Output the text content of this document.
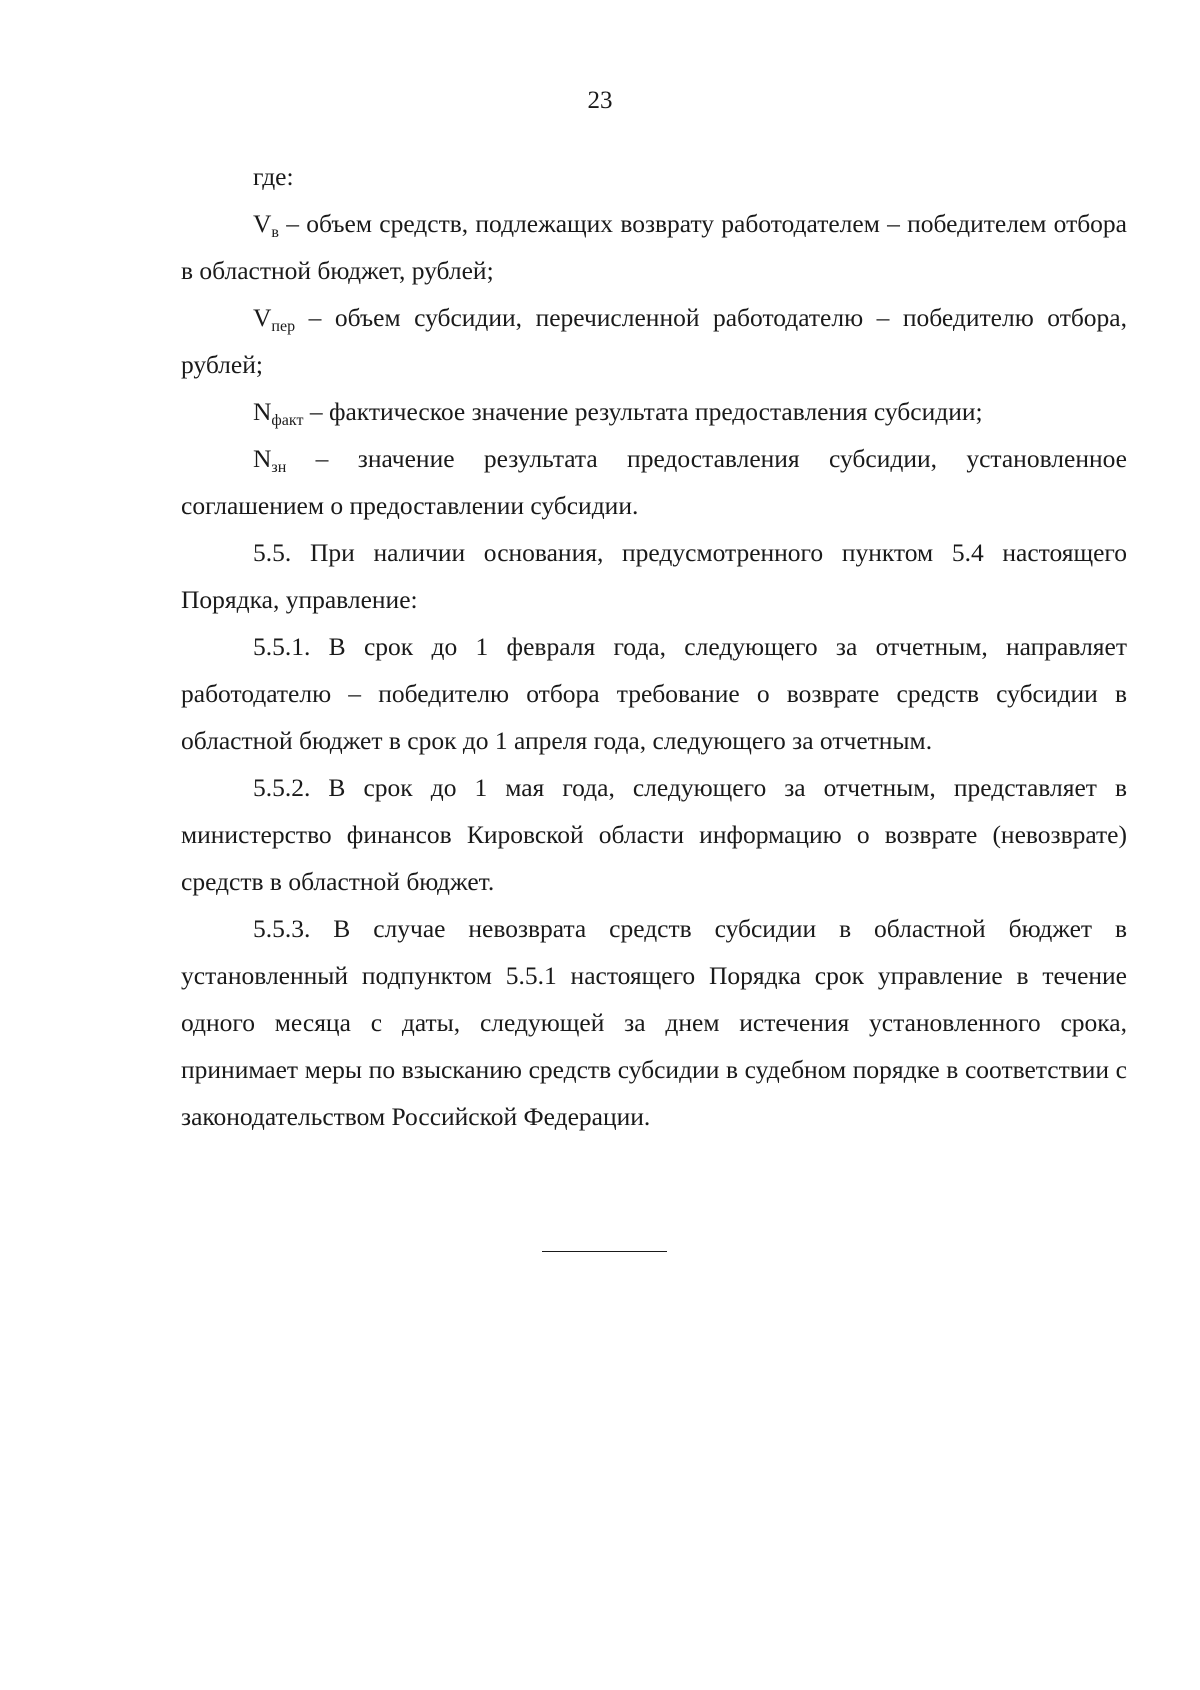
23

где:

$V_в$ – объем средств, подлежащих возврату работодателем – победителем отбора в областной бюджет, рублей;

$V_{пер}$ – объем субсидии, перечисленной работодателю – победителю отбора, рублей;

$N_{факт}$ – фактическое значение результата предоставления субсидии;

$N_{зн}$ – значение результата предоставления субсидии, установленное соглашением о предоставлении субсидии.

5.5. При наличии основания, предусмотренного пунктом 5.4 настоящего Порядка, управление:

5.5.1. В срок до 1 февраля года, следующего за отчетным, направляет работодателю – победителю отбора требование о возврате средств субсидии в областной бюджет в срок до 1 апреля года, следующего за отчетным.

5.5.2. В срок до 1 мая года, следующего за отчетным, представляет в министерство финансов Кировской области информацию о возврате (невозврате) средств в областной бюджет.

5.5.3. В случае невозврата средств субсидии в областной бюджет в установленный подпунктом 5.5.1 настоящего Порядка срок управление в течение одного месяца с даты, следующей за днем истечения установленного срока, принимает меры по взысканию средств субсидии в судебном порядке в соответствии с законодательством Российской Федерации.
